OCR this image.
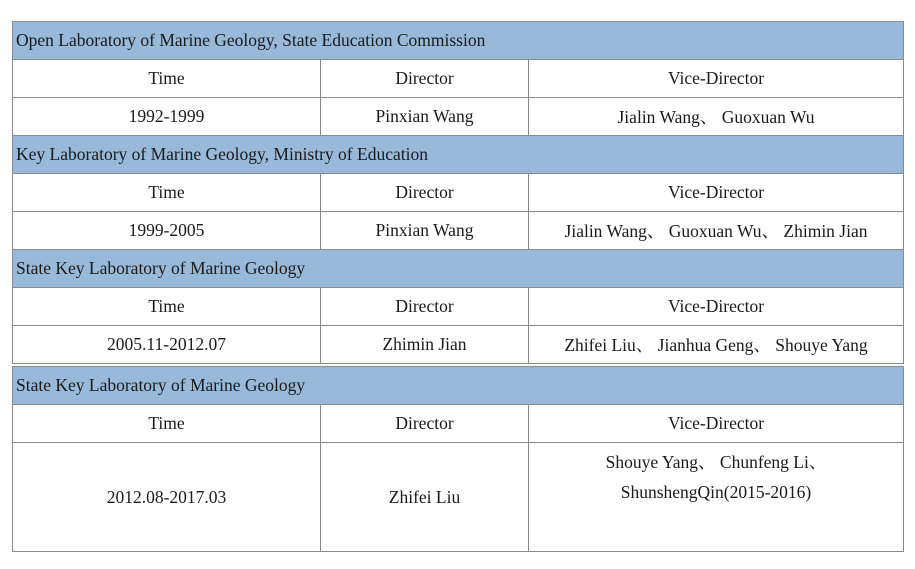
Open Laboratory of Marine Geology, State Education Commission		
Time	Director	Vice-Director
1992-1999	Pinxian Wang	Jialin Wang、 Guoxuan Wu
Key Laboratory of Marine Geology, Ministry of Education		
Time	Director	Vice-Director
1999-2005	Pinxian Wang	Jialin Wang、 Guoxuan Wu、 Zhimin Jian
State Key Laboratory of Marine Geology		
Time	Director	Vice-Director
2005.11-2012.07	Zhimin Jian	Zhifei Liu、 Jianhua Geng、 Shouye Yang
State Key Laboratory of Marine Geology		
Time	Director	Vice-Director
2012.08-2017.03	Zhifei Liu	Shouye Yang、 Chunfeng Li、
ShunshengQin(2015-2016)
